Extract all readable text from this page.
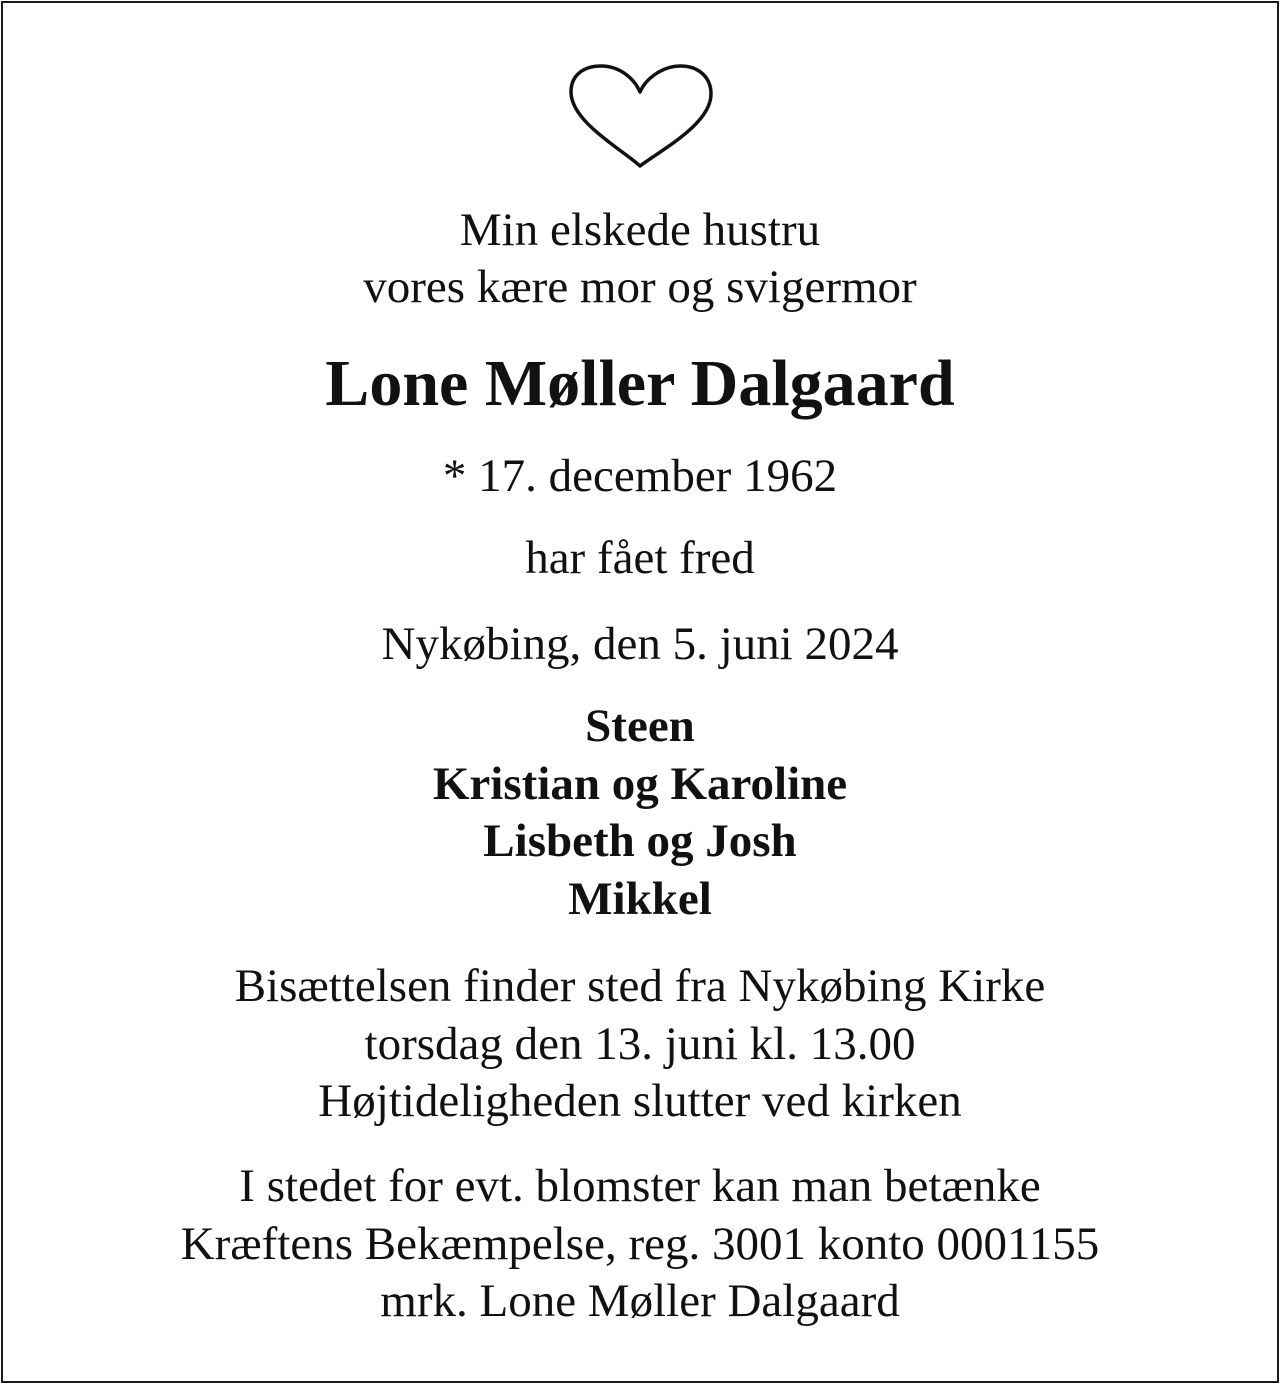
Min elskede hustru
vores kære mor og svigermor
Lone Møller Dalgaard
* 17. december 1962
har fået fred
Nykøbing, den 5. juni 2024
Steen
Kristian og Karoline
Lisbeth og Josh
Mikkel
Bisættelsen finder sted fra Nykøbing Kirke
torsdag den 13. juni kl. 13.00
Højtideligheden slutter ved kirken
I stedet for evt. blomster kan man betænke
Kræftens Bekæmpelse, reg. 3001 konto 0001155
mrk. Lone Møller Dalgaard
